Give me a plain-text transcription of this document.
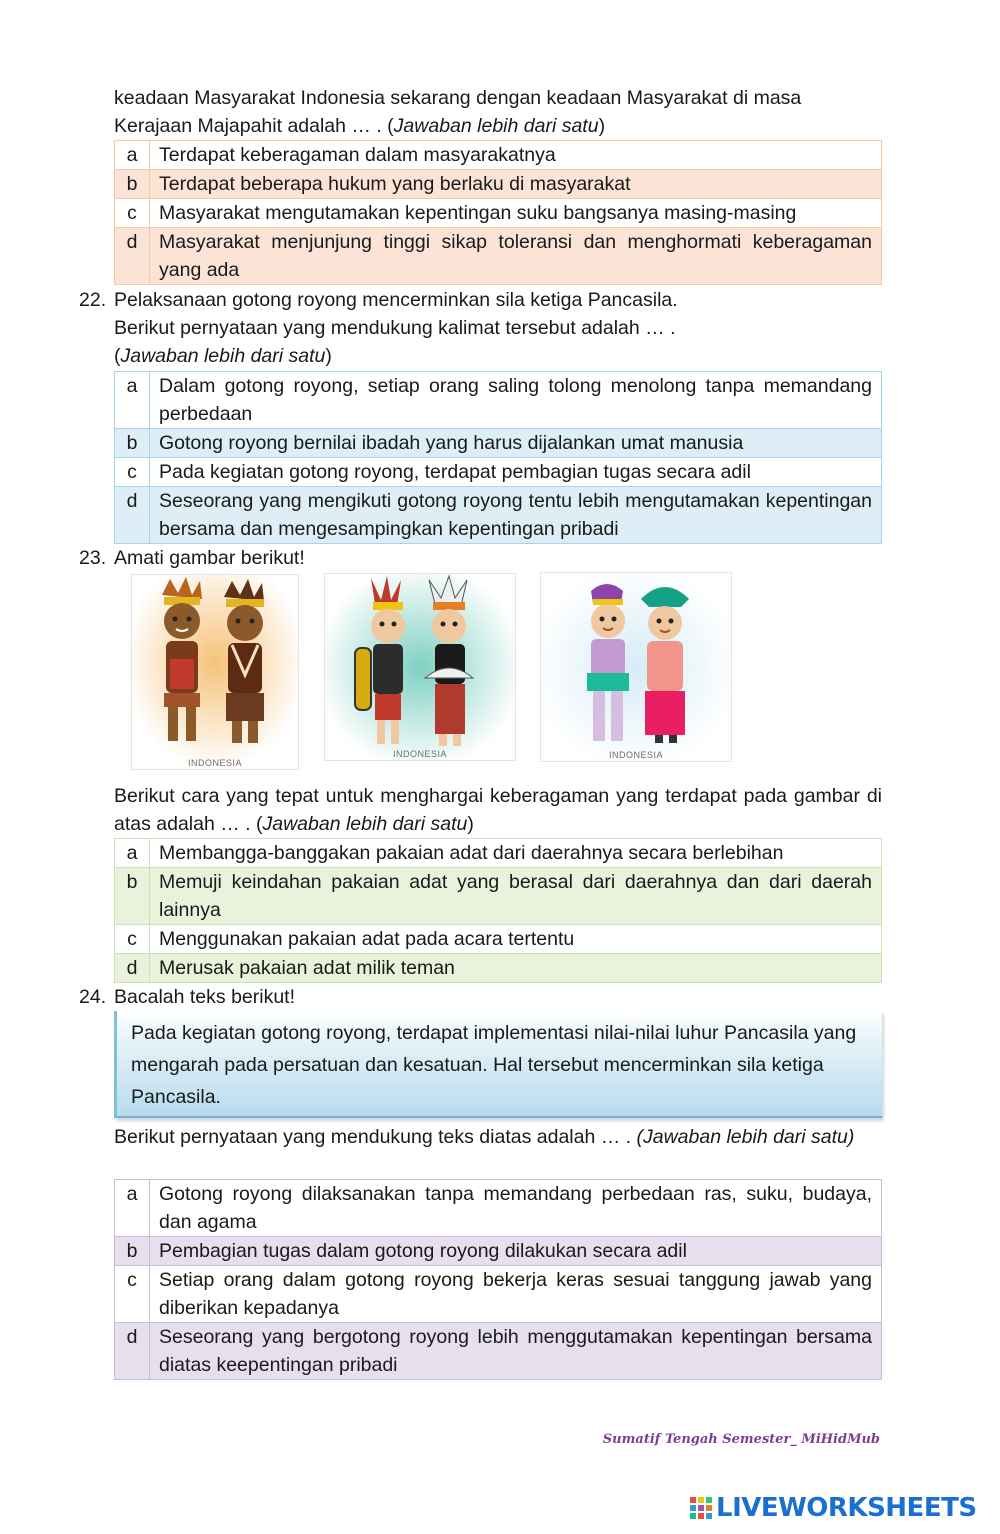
keadaan Masyarakat Indonesia sekarang dengan keadaan Masyarakat di masa
Kerajaan Majapahit adalah … . (Jawaban lebih dari satu)
a	Terdapat keberagaman dalam masyarakatnya
b	Terdapat beberapa hukum yang berlaku di masyarakat
c	Masyarakat mengutamakan kepentingan suku bangsanya masing-masing
d	Masyarakat menjunjung tinggi sikap toleransi dan menghormati keberagaman yang ada
22. Pelaksanaan gotong royong mencerminkan sila ketiga Pancasila.
Berikut pernyataan yang mendukung kalimat tersebut adalah … .
(Jawaban lebih dari satu)
a	Dalam gotong royong, setiap orang saling tolong menolong tanpa memandang perbedaan
b	Gotong royong bernilai ibadah yang harus dijalankan umat manusia
c	Pada kegiatan gotong royong, terdapat pembagian tugas secara adil
d	Seseorang yang mengikuti gotong royong tentu lebih mengutamakan kepentingan bersama dan mengesampingkan kepentingan pribadi
23. Amati gambar berikut!
INDONESIA
INDONESIA	INDONESIA
Berikut cara yang tepat untuk menghargai keberagaman yang terdapat pada gambar di atas adalah … . (Jawaban lebih dari satu)
a	Membangga-banggakan pakaian adat dari daerahnya secara berlebihan
b	Memuji keindahan pakaian adat yang berasal dari daerahnya dan dari daerah lainnya
c	Menggunakan pakaian adat pada acara tertentu
d	Merusak pakaian adat milik teman
24. Bacalah teks berikut!
Pada kegiatan gotong royong, terdapat implementasi nilai-nilai luhur Pancasila yang mengarah pada persatuan dan kesatuan. Hal tersebut mencerminkan sila ketiga Pancasila.
Berikut pernyataan yang mendukung teks diatas adalah … . (Jawaban lebih dari satu)
a	Gotong royong dilaksanakan tanpa memandang perbedaan ras, suku, budaya, dan agama
b	Pembagian tugas dalam gotong royong dilakukan secara adil
c	Setiap orang dalam gotong royong bekerja keras sesuai tanggung jawab yang diberikan kepadanya
d	Seseorang yang bergotong royong lebih menggutamakan kepentingan bersama diatas keepentingan pribadi
Sumatif Tengah Semester_ MiHidMub
LIVEWORKSHEETS
